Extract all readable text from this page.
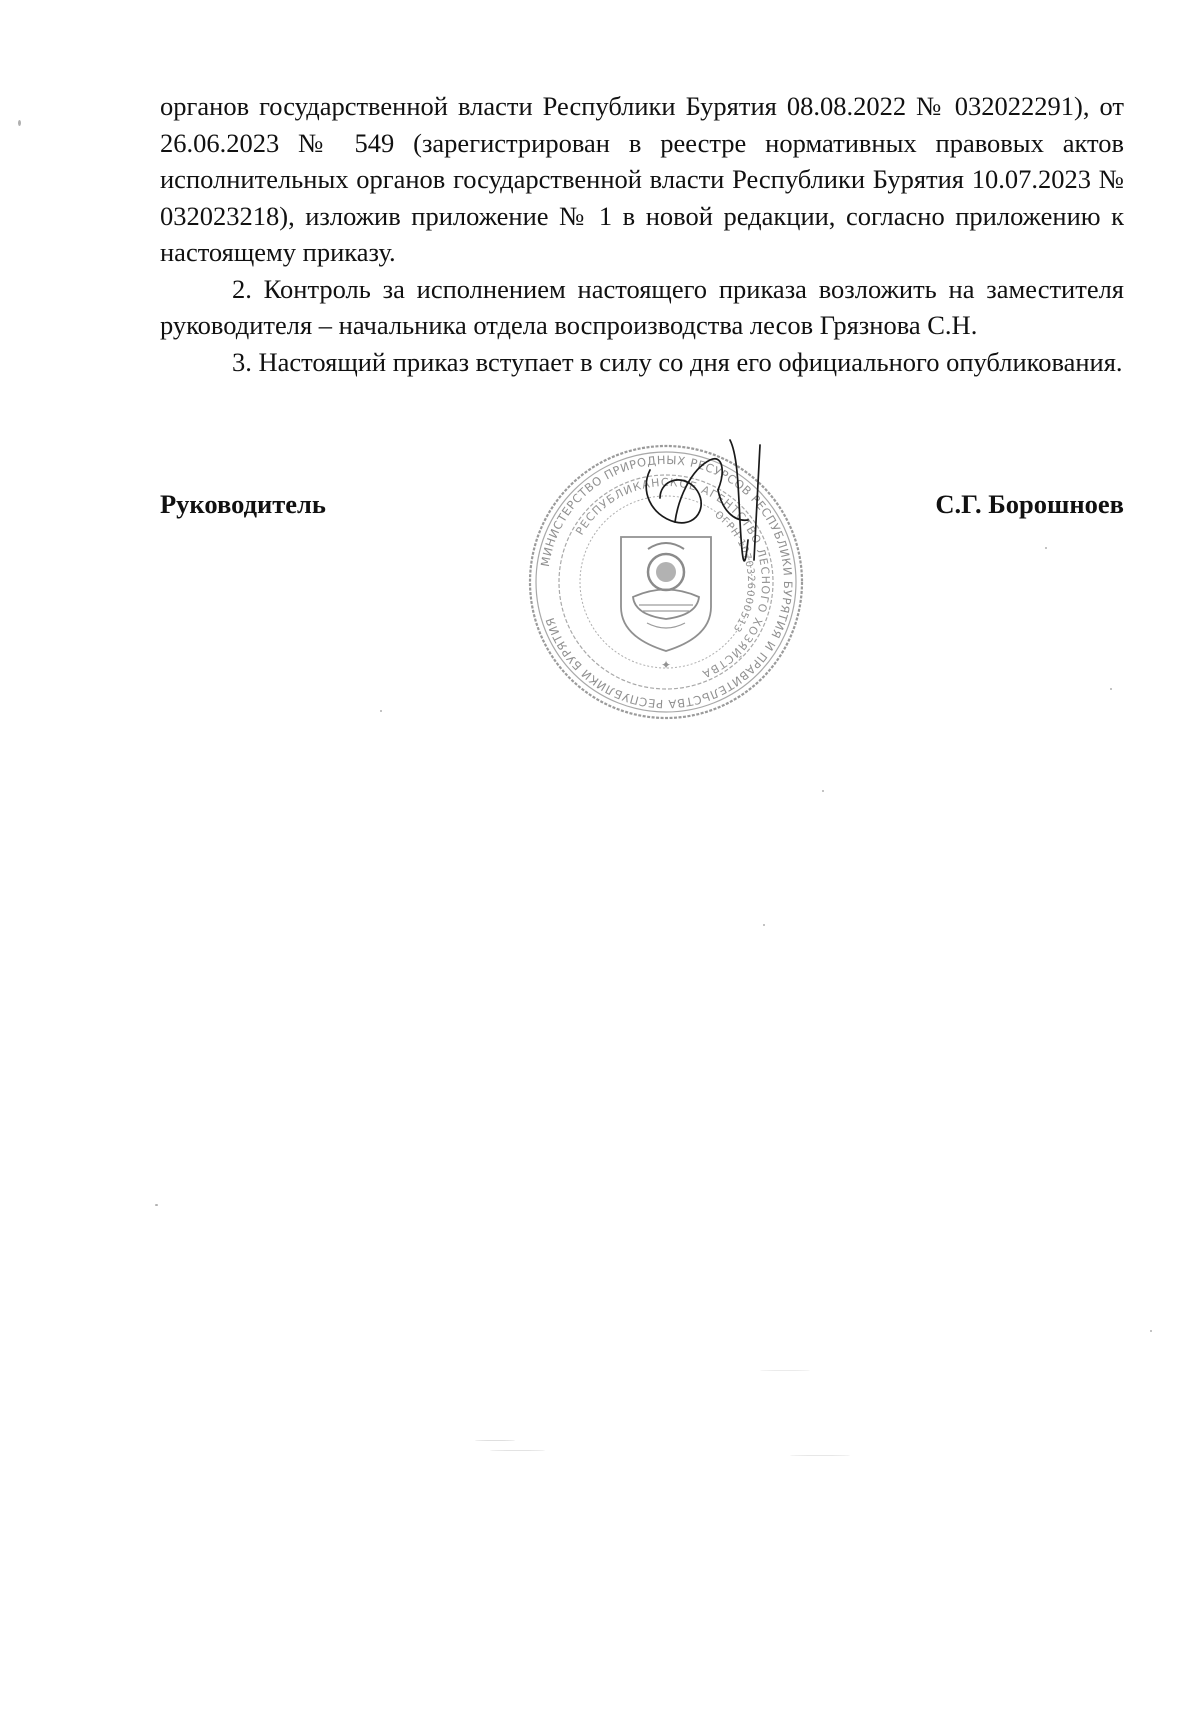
органов государственной власти Республики Бурятия 08.08.2022 № 032022291), от 26.06.2023 № 549 (зарегистрирован в реестре нормативных правовых актов исполнительных органов государственной власти Республики Бурятия 10.07.2023 № 032023218), изложив приложение № 1 в новой редакции, согласно приложению к настоящему приказу.

2. Контроль за исполнением настоящего приказа возложить на заместителя руководителя – начальника отдела воспроизводства лесов Грязнова С.Н.

3. Настоящий приказ вступает в силу со дня его официального опубликования.

МИНИСТЕРСТВО ПРИРОДНЫХ РЕСУРСОВ РЕСПУБЛИКИ БУРЯТИЯ И ПРАВИТЕЛЬСТВА РЕСПУБЛИКИ БУРЯТИЯ
РЕСПУБЛИКАНСКОЕ АГЕНТСТВО ЛЕСНОГО ХОЗЯЙСТВА
ОГРН 1070326000513
✦
Руководитель	С.Г. Борошноев
